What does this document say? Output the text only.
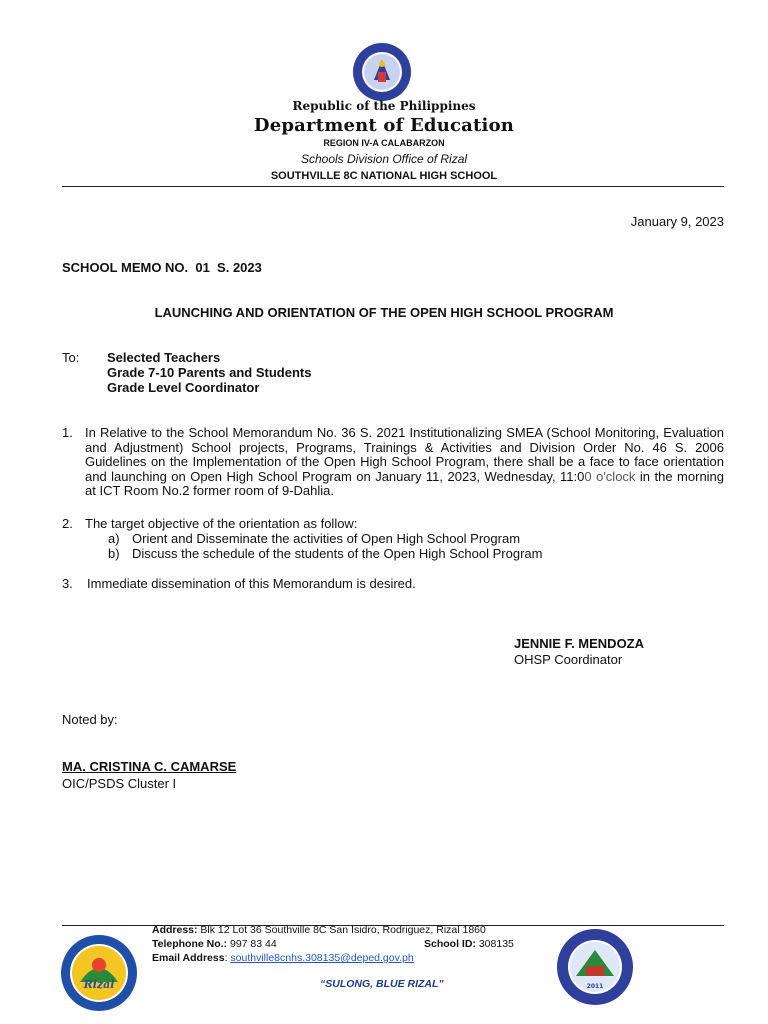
Republic of the Philippines
Department of Education
REGION IV-A CALABARZON
Schools Division Office of Rizal
SOUTHVILLE 8C NATIONAL HIGH SCHOOL
January 9, 2023
SCHOOL MEMO NO.  01  S. 2023
LAUNCHING AND ORIENTATION OF THE OPEN HIGH SCHOOL PROGRAM
To: Selected Teachers
Grade 7-10 Parents and Students
Grade Level Coordinator
1. In Relative to the School Memorandum No. 36 S. 2021 Institutionalizing SMEA (School Monitoring, Evaluation and Adjustment) School projects, Programs, Trainings & Activities and Division Order No. 46 S. 2006 Guidelines on the Implementation of the Open High School Program, there shall be a face to face orientation and launching on Open High School Program on January 11, 2023, Wednesday, 11:00 o'clock in the morning at ICT Room No.2 former room of 9-Dahlia.
2. The target objective of the orientation as follow:
a) Orient and Disseminate the activities of Open High School Program
b) Discuss the schedule of the students of the Open High School Program
3. Immediate dissemination of this Memorandum is desired.
JENNIE F. MENDOZA
OHSP Coordinator
Noted by:
MA. CRISTINA C. CAMARSE
OIC/PSDS Cluster I
Rizal
Address: Blk 12 Lot 36 Southville 8C San Isidro, Rodriguez, Rizal 1860
Telephone No.: 997 83 44	School ID: 308135
Email Address: southville8cnhs.308135@deped.gov.ph
“SULONG, BLUE RIZAL”	2011
